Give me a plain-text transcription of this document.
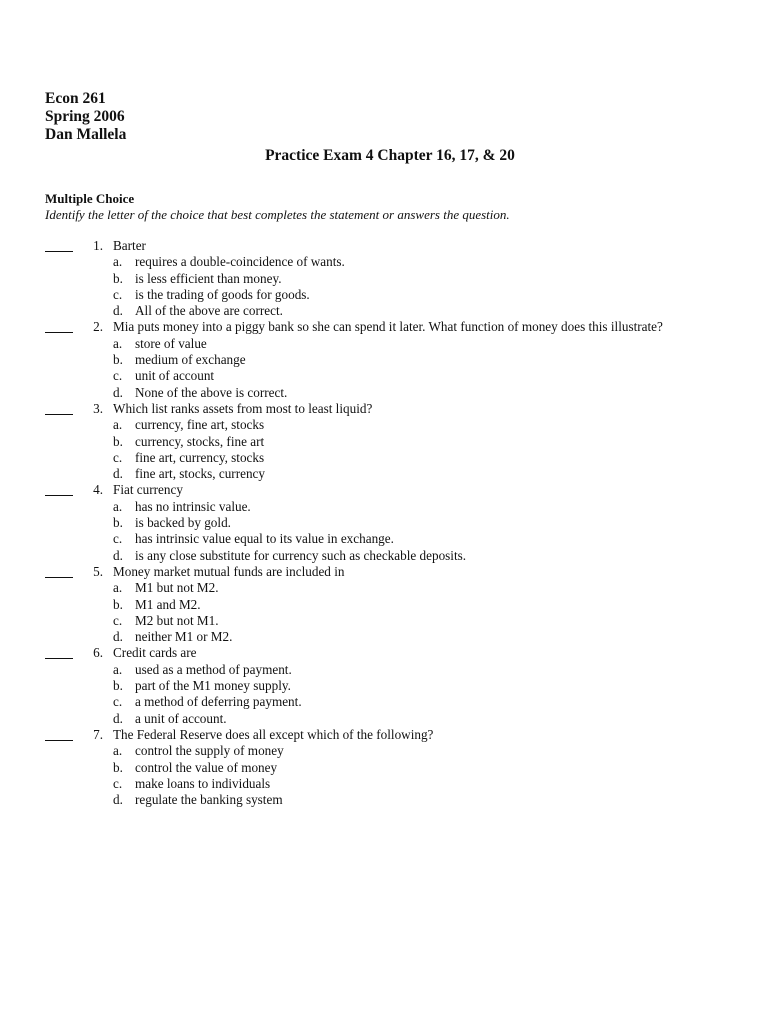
Econ 261
Spring 2006
Dan Mallela
Practice Exam 4 Chapter 16, 17, & 20
Multiple Choice
Identify the letter of the choice that best completes the statement or answers the question.
1. Barter
a. requires a double-coincidence of wants.
b. is less efficient than money.
c. is the trading of goods for goods.
d. All of the above are correct.
2. Mia puts money into a piggy bank so she can spend it later. What function of money does this illustrate?
a. store of value
b. medium of exchange
c. unit of account
d. None of the above is correct.
3. Which list ranks assets from most to least liquid?
a. currency, fine art, stocks
b. currency, stocks, fine art
c. fine art, currency, stocks
d. fine art, stocks, currency
4. Fiat currency
a. has no intrinsic value.
b. is backed by gold.
c. has intrinsic value equal to its value in exchange.
d. is any close substitute for currency such as checkable deposits.
5. Money market mutual funds are included in
a. M1 but not M2.
b. M1 and M2.
c. M2 but not M1.
d. neither M1 or M2.
6. Credit cards are
a. used as a method of payment.
b. part of the M1 money supply.
c. a method of deferring payment.
d. a unit of account.
7. The Federal Reserve does all except which of the following?
a. control the supply of money
b. control the value of money
c. make loans to individuals
d. regulate the banking system
